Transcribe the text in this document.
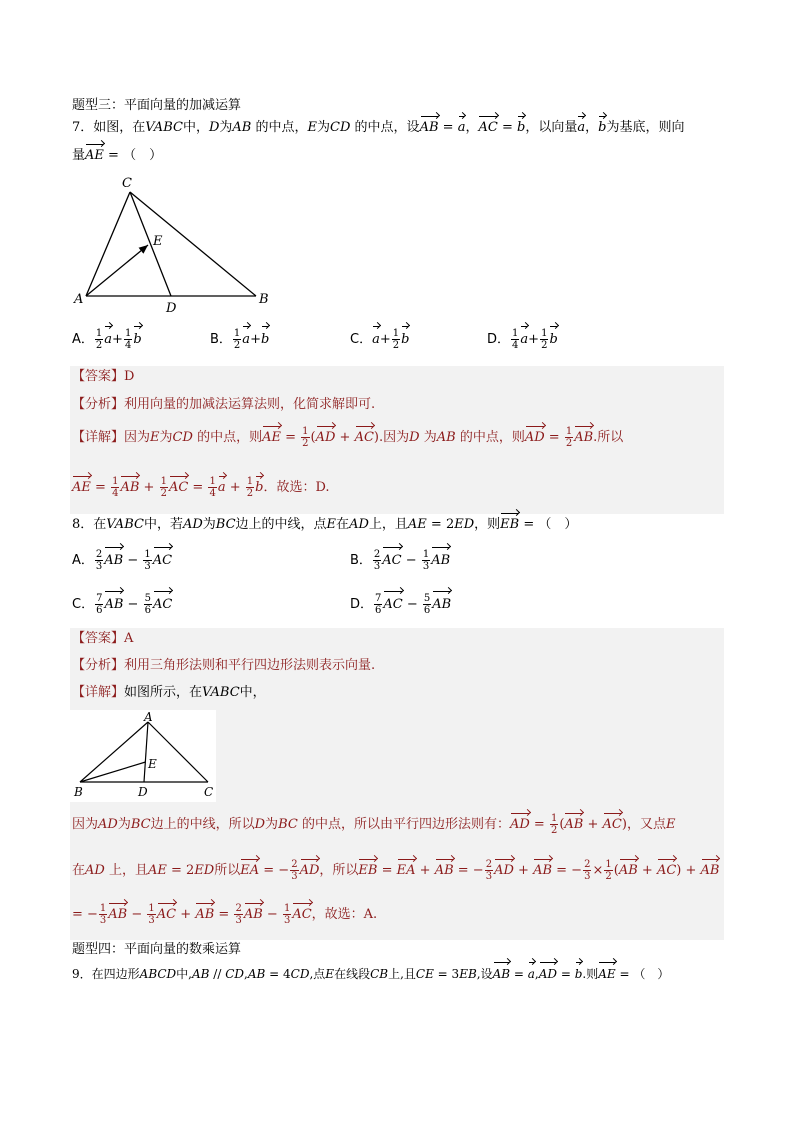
题型三：平面向量的加减运算
7．如图，在VABC中，D为AB 的中点，E为CD 的中点，设AB = a，AC = b，以向量a，b为基底，则向
量AE = （　）
C
A	B
D
E
A． $\frac{1}{2} a+ \frac{1}{4}$ b	B． $\frac{1}{2} a+b$	C．$a+ \frac{1}{2}$ b	D． $\frac{1}{4} a+ \frac{1}{2}$ b
【答案】D
【分析】利用向量的加减法运算法则，化简求解即可.
【详解】因为E为CD 的中点，则AE = $\frac{1}{2} (AD + AC)$.因为D 为AB 的中点，则AD = $\frac{1}{2}$ AB.所以
AE = $\frac{1}{4}$ AB + $\frac{1}{2}$ AC = $\frac{1}{4}$ $a + \frac{1}{2}$ b．故选：D.
8．在VABC中，若AD为BC边上的中线，点E在AD上，且AE = 2ED，则EB = （　）
A． $\frac{2}{3}$ AB − $\frac{1}{3}$ AC	B． $\frac{2}{3}$ AC − $\frac{1}{3}$ AB
C． $\frac{7}{6}$ AB − $\frac{5}{6}$ AC	D． $\frac{7}{6}$ AC − $\frac{5}{6}$ AB
【答案】A
【分析】利用三角形法则和平行四边形法则表示向量.
【详解】如图所示，在VABC中，
A
B	D	C
E
因为AD为BC边上的中线，所以D为BC 的中点，所以由平行四边形法则有：AD = $\frac{1}{2} (AB + AC)$，又点E
在AD 上，且AE = 2ED所以EA = − $\frac{2}{3}$ AD，所以EB = EA + AB = − $\frac{2}{3}$ AD + AB = − $\frac{2}{3} \times \frac{1}{2} (AB + AC)$ + AB
= − $\frac{1}{3}$ AB − $\frac{1}{3}$ AC + AB = $\frac{2}{3}$ AB − $\frac{1}{3}$ AC，故选：A.
题型四：平面向量的数乘运算
9．在四边形ABCD中,AB // CD,AB = 4CD,点E在线段CB上,且CE = 3EB,设AB = a,AD = b.则AE = （　）
